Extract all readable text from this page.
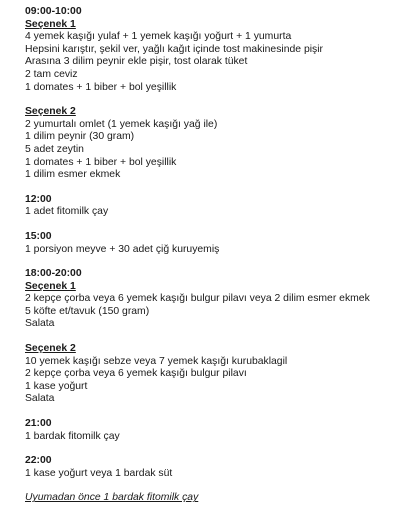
09:00-10:00
Seçenek 1
4 yemek kaşığı yulaf + 1 yemek kaşığı yoğurt + 1 yumurta
Hepsini karıştır, şekil ver, yağlı kağıt içinde tost makinesinde pişir
Arasına 3 dilim peynir ekle pişir, tost olarak tüket
2 tam ceviz
1 domates + 1 biber + bol yeşillik
Seçenek 2
2 yumurtalı omlet (1 yemek kaşığı yağ ile)
1 dilim peynir (30 gram)
5 adet zeytin
1 domates + 1 biber + bol yeşillik
1 dilim esmer ekmek
12:00
1 adet fitomilk çay
15:00
1 porsiyon meyve + 30 adet çiğ kuruyemiş
18:00-20:00
Seçenek 1
2 kepçe çorba veya 6 yemek kaşığı bulgur pilavı veya 2 dilim esmer ekmek
5 köfte et/tavuk (150 gram)
Salata
Seçenek 2
10 yemek kaşığı sebze veya 7 yemek kaşığı kurubaklagil
2 kepçe çorba veya 6 yemek kaşığı bulgur pilavı
1 kase yoğurt
Salata
21:00
1 bardak fitomilk çay
22:00
1 kase yoğurt veya 1 bardak süt
Uyumadan önce 1 bardak fitomilk çay
